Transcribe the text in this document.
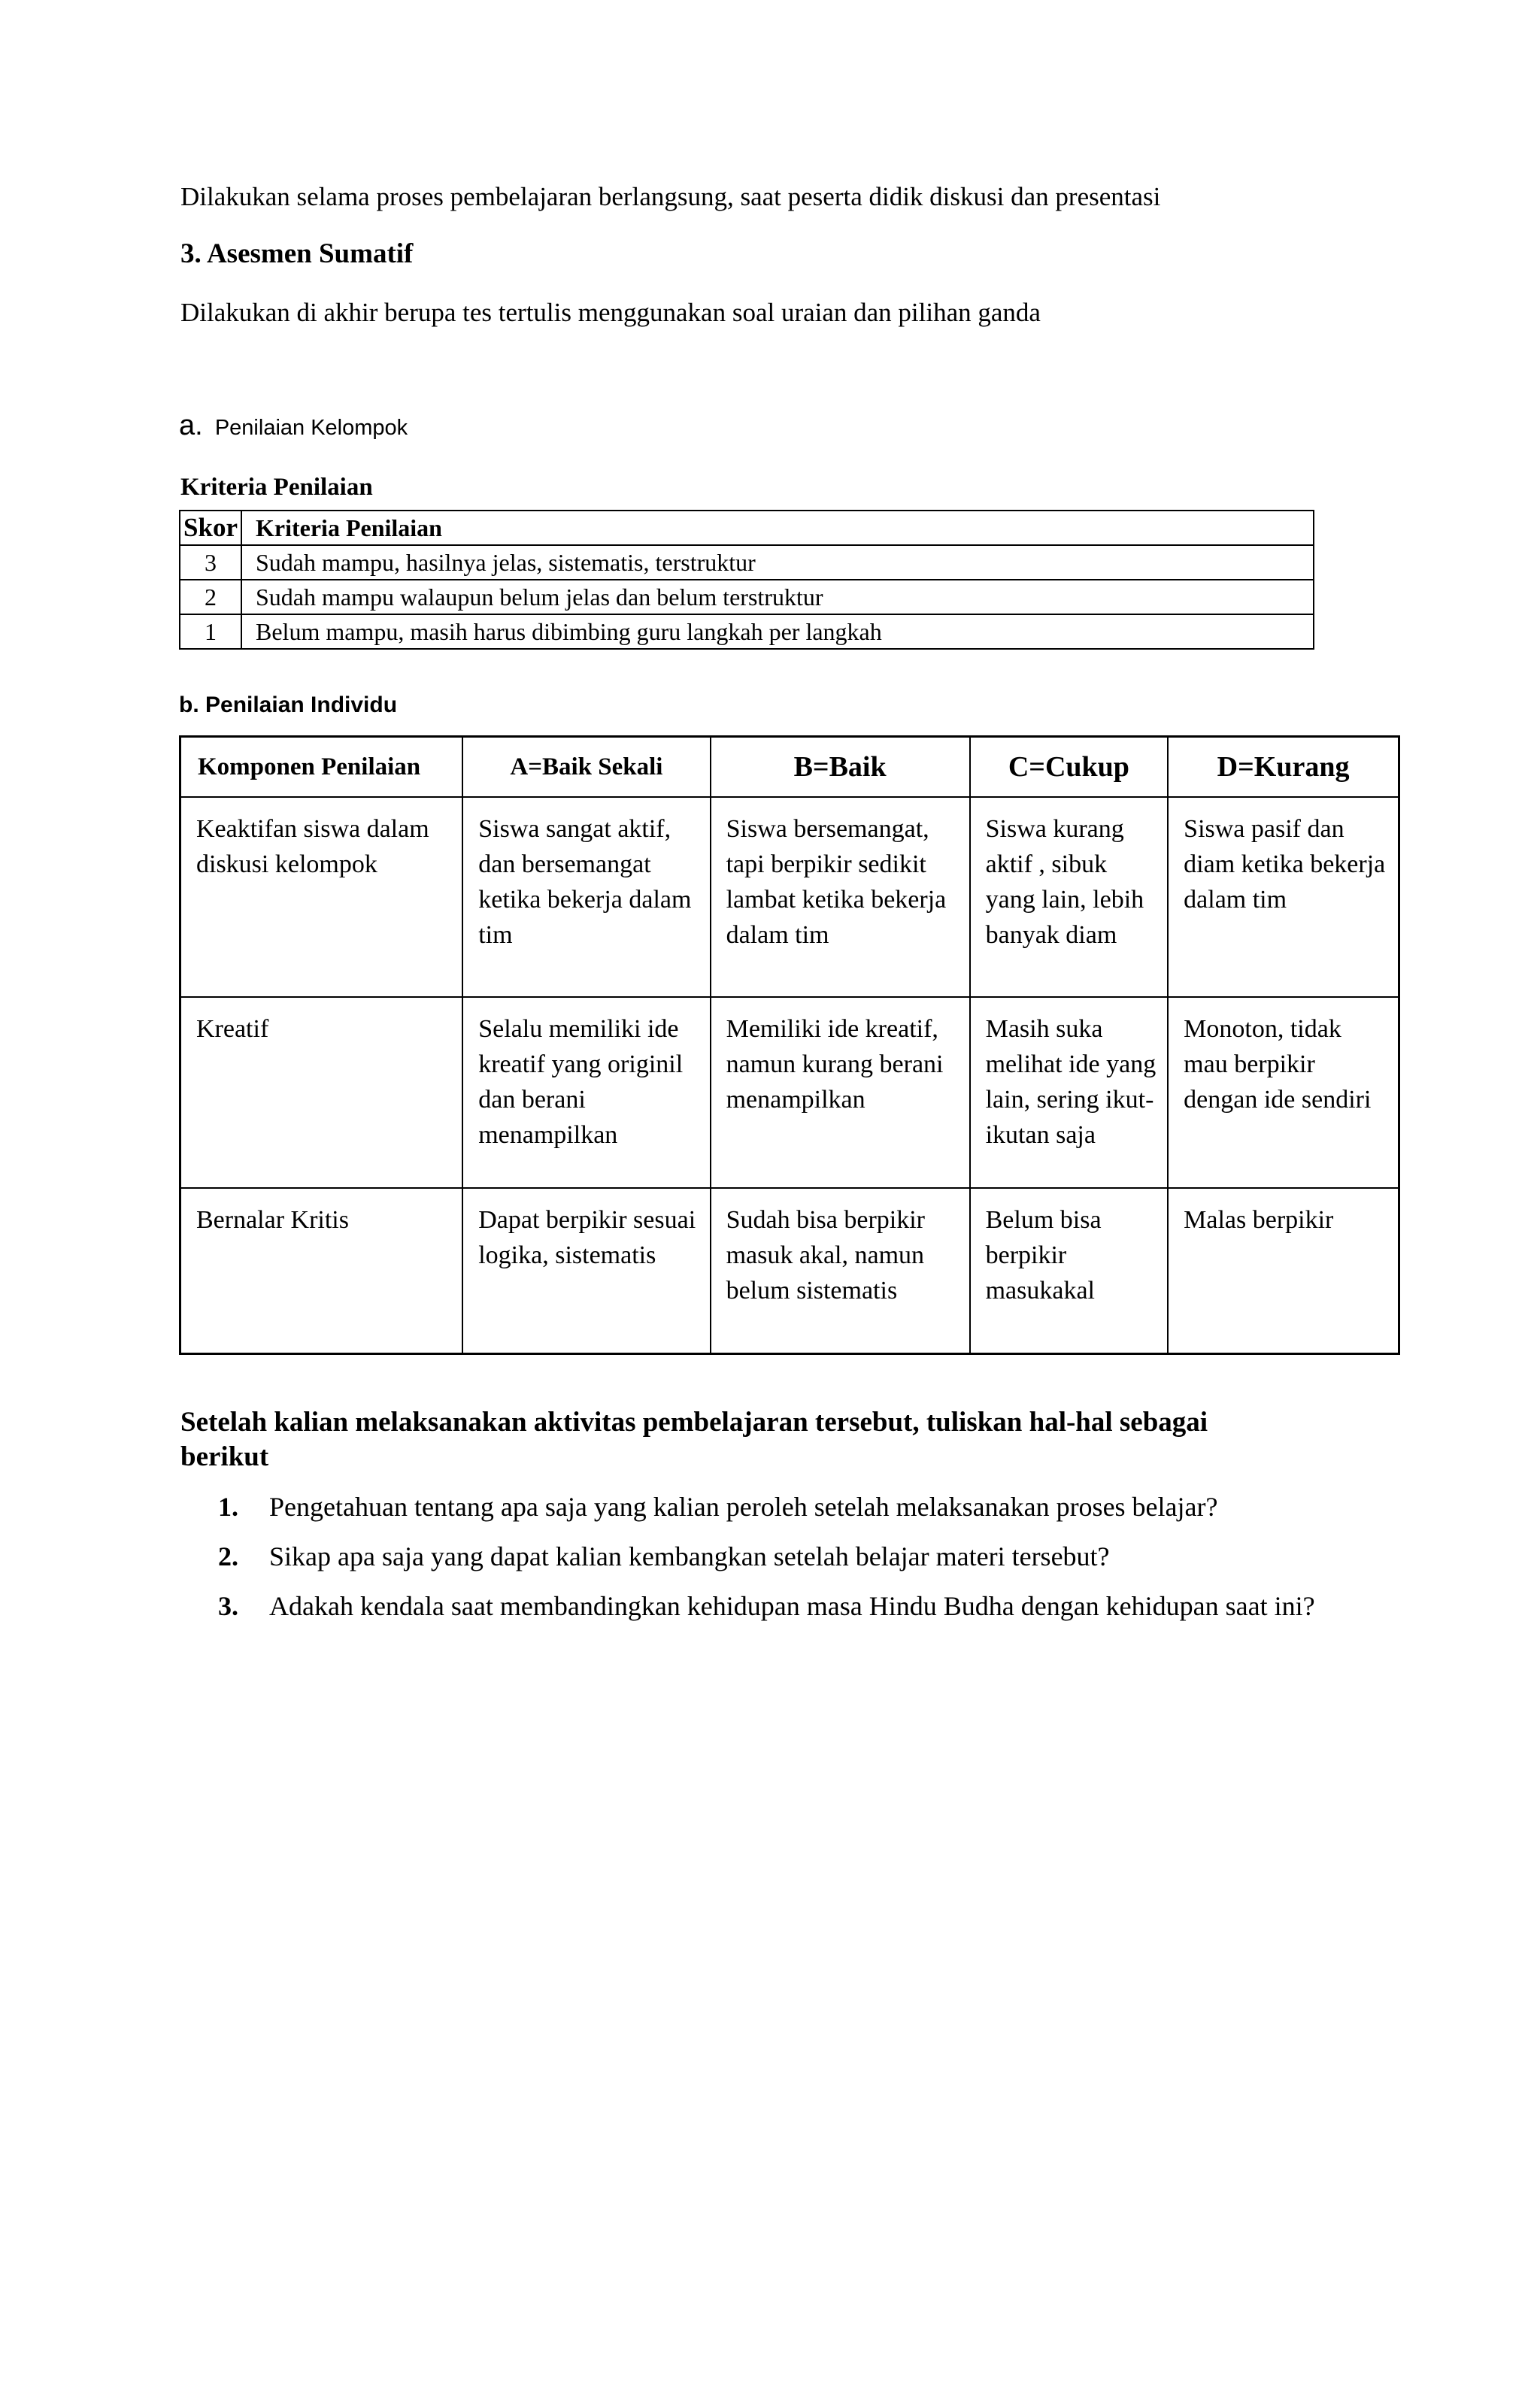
Dilakukan selama proses pembelajaran berlangsung, saat peserta didik diskusi dan presentasi
3. Asesmen Sumatif
Dilakukan di akhir berupa tes tertulis menggunakan soal uraian dan pilihan ganda
a. Penilaian Kelompok
Kriteria Penilaian
Skor	Kriteria Penilaian
3	Sudah mampu, hasilnya jelas, sistematis, terstruktur
2	Sudah mampu walaupun belum jelas dan belum terstruktur
1	Belum mampu, masih harus dibimbing guru langkah per langkah
b. Penilaian Individu
Komponen Penilaian	A=Baik Sekali	B=Baik	C=Cukup	D=Kurang
Keaktifan siswa dalam diskusi kelompok	Siswa sangat aktif, dan bersemangat ketika bekerja dalam tim	Siswa bersemangat, tapi berpikir sedikit lambat ketika bekerja dalam tim	Siswa kurang aktif , sibuk yang lain, lebih banyak diam	Siswa pasif dan diam ketika bekerja dalam tim
Kreatif	Selalu memiliki ide kreatif yang originil dan berani menampilkan	Memiliki ide kreatif, namun kurang berani menampilkan	Masih suka melihat ide yang lain, sering ikut-ikutan saja	Monoton, tidak mau berpikir dengan ide sendiri
Bernalar Kritis	Dapat berpikir sesuai logika, sistematis	Sudah bisa berpikir masuk akal, namun belum sistematis	Belum bisa berpikir masukakal	Malas berpikir
Setelah kalian melaksanakan aktivitas pembelajaran tersebut, tuliskan hal-hal sebagai
berikut
1. Pengetahuan tentang apa saja yang kalian peroleh setelah melaksanakan proses belajar?
2. Sikap apa saja yang dapat kalian kembangkan setelah belajar materi tersebut?
3. Adakah kendala saat membandingkan kehidupan masa Hindu Budha dengan kehidupan saat ini?
